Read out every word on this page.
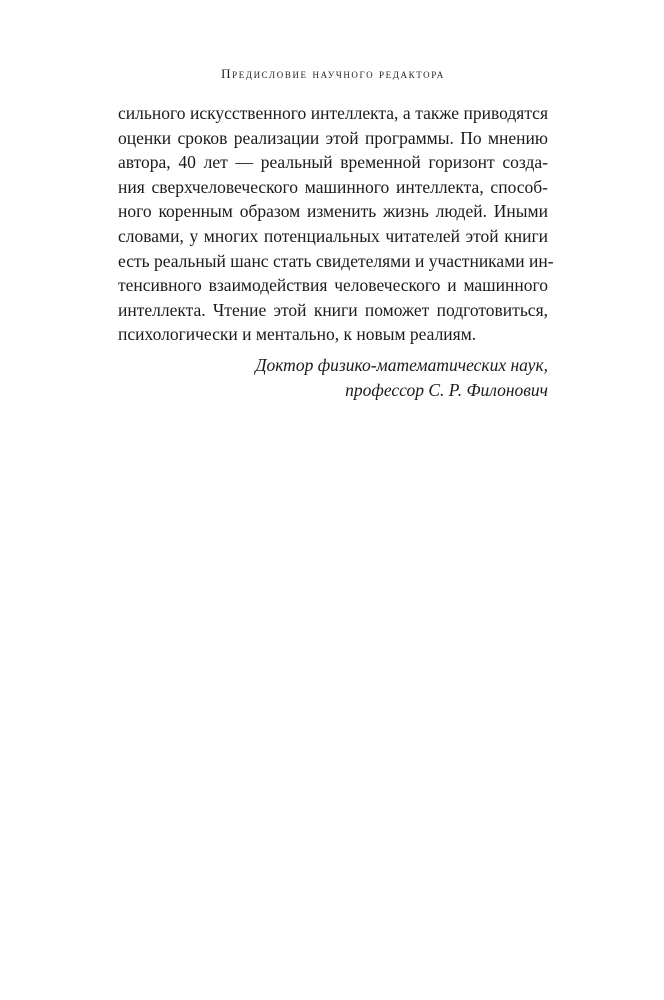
Предисловие научного редактора
сильного искусственного интеллекта, а также приводятся
оценки сроков реализации этой программы. По мнению
автора, 40 лет — реальный временной горизонт созда-
ния сверхчеловеческого машинного интеллекта, способ-
ного коренным образом изменить жизнь людей. Иными
словами, у многих потенциальных читателей этой книги
есть реальный шанс стать свидетелями и участниками ин-
тенсивного взаимодействия человеческого и машинного
интеллекта. Чтение этой книги поможет подготовиться,
психологически и ментально, к новым реалиям.
Доктор физико-математических наук,
профессор С. Р. Филонович
